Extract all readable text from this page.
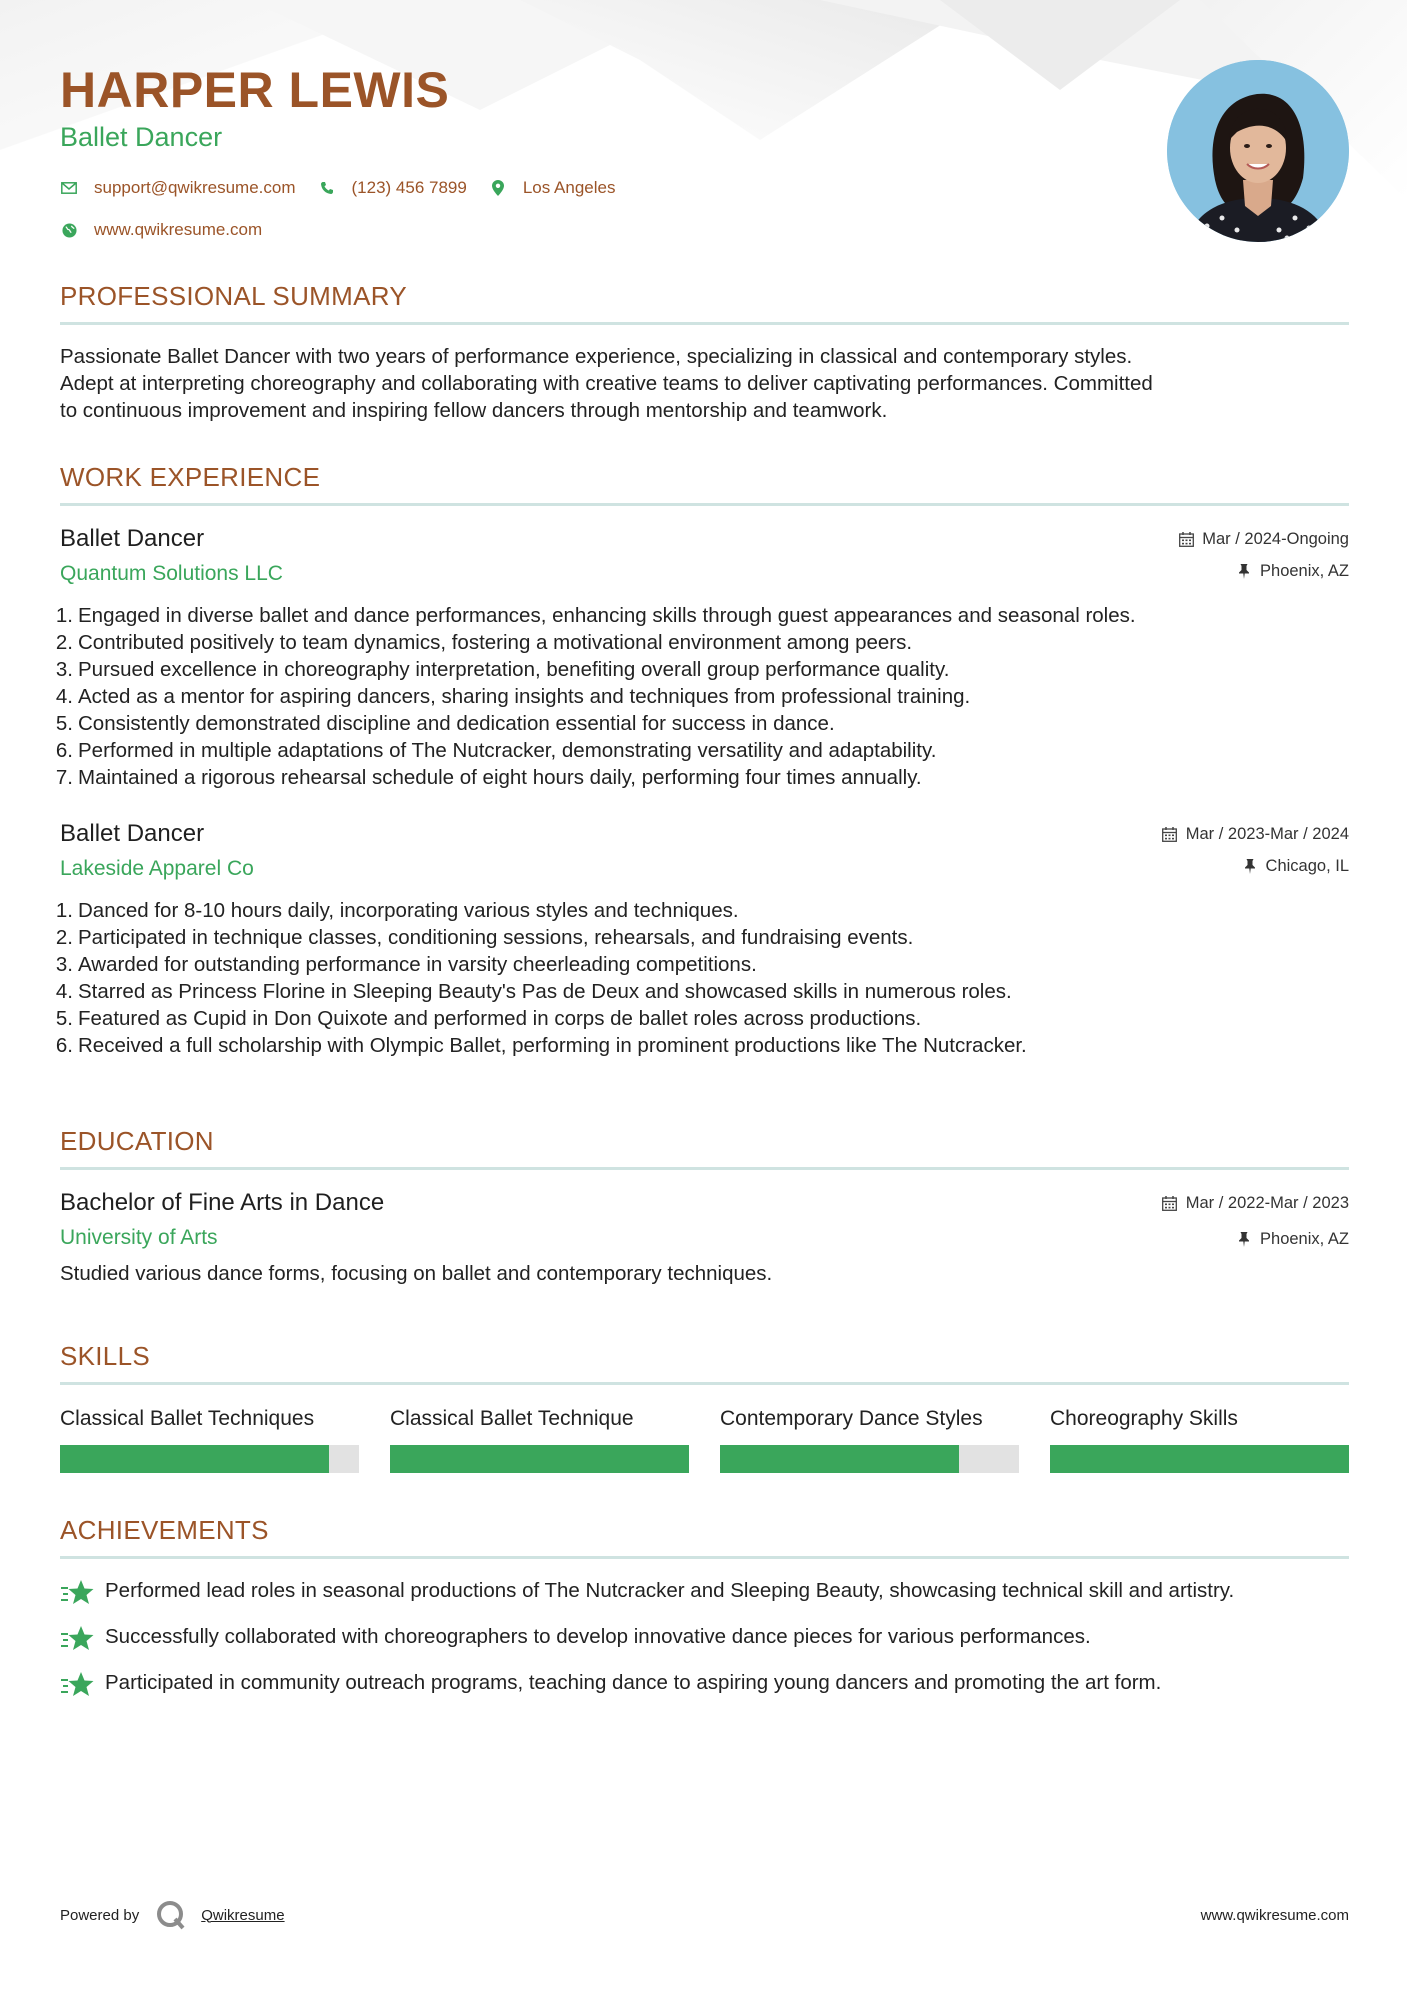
HARPER LEWIS
Ballet Dancer
support@qwikresume.com	(123) 456 7899	Los Angeles
www.qwikresume.com
PROFESSIONAL SUMMARY
Passionate Ballet Dancer with two years of performance experience, specializing in classical and contemporary styles.
Adept at interpreting choreography and collaborating with creative teams to deliver captivating performances. Committed
to continuous improvement and inspiring fellow dancers through mentorship and teamwork.
WORK EXPERIENCE
Ballet Dancer
Quantum Solutions LLC
Mar / 2024-Ongoing
Phoenix, AZ
1. Engaged in diverse ballet and dance performances, enhancing skills through guest appearances and seasonal roles.
2. Contributed positively to team dynamics, fostering a motivational environment among peers.
3. Pursued excellence in choreography interpretation, benefiting overall group performance quality.
4. Acted as a mentor for aspiring dancers, sharing insights and techniques from professional training.
5. Consistently demonstrated discipline and dedication essential for success in dance.
6. Performed in multiple adaptations of The Nutcracker, demonstrating versatility and adaptability.
7. Maintained a rigorous rehearsal schedule of eight hours daily, performing four times annually.
Ballet Dancer
Lakeside Apparel Co
Mar / 2023-Mar / 2024
Chicago, IL
1. Danced for 8-10 hours daily, incorporating various styles and techniques.
2. Participated in technique classes, conditioning sessions, rehearsals, and fundraising events.
3. Awarded for outstanding performance in varsity cheerleading competitions.
4. Starred as Princess Florine in Sleeping Beauty's Pas de Deux and showcased skills in numerous roles.
5. Featured as Cupid in Don Quixote and performed in corps de ballet roles across productions.
6. Received a full scholarship with Olympic Ballet, performing in prominent productions like The Nutcracker.
EDUCATION
Bachelor of Fine Arts in Dance
University of Arts
Mar / 2022-Mar / 2023
Phoenix, AZ
Studied various dance forms, focusing on ballet and contemporary techniques.
SKILLS
Classical Ballet Techniques	Classical Ballet Technique	Contemporary Dance Styles	Choreography Skills
ACHIEVEMENTS
Performed lead roles in seasonal productions of The Nutcracker and Sleeping Beauty, showcasing technical skill and artistry.
Successfully collaborated with choreographers to develop innovative dance pieces for various performances.
Participated in community outreach programs, teaching dance to aspiring young dancers and promoting the art form.
Powered by	Qwikresume	www.qwikresume.com
